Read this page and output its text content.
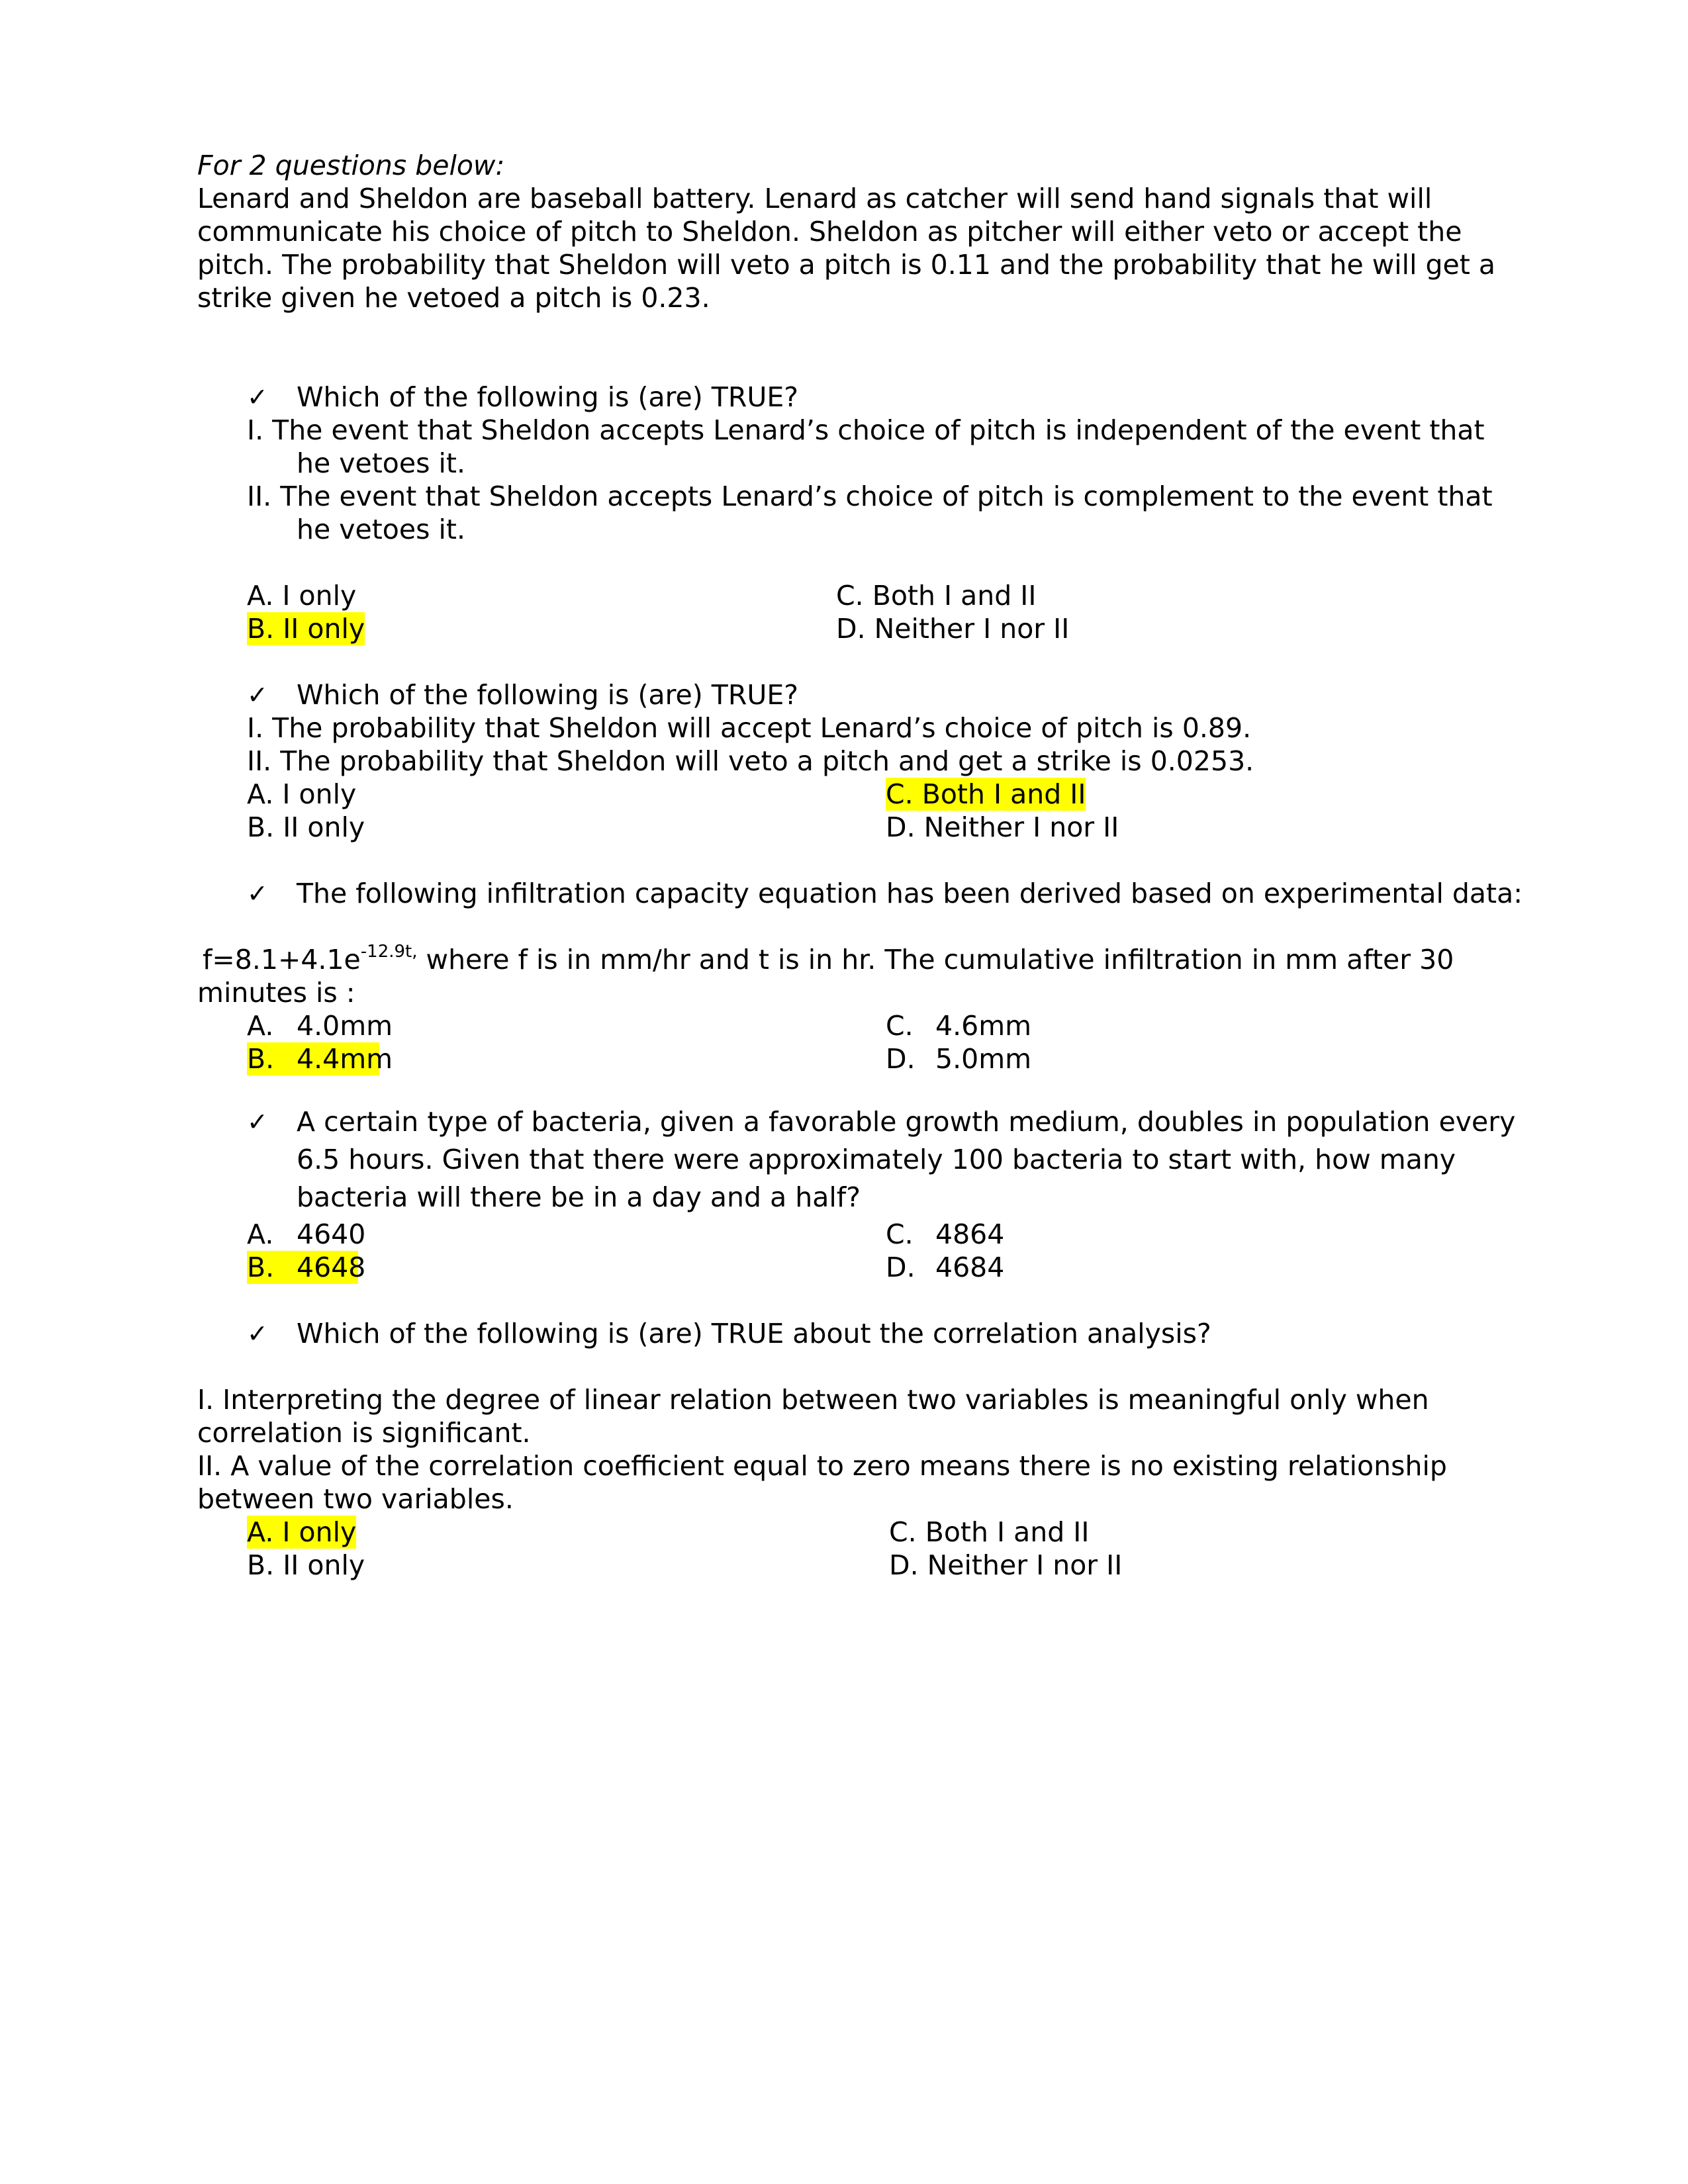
For 2 questions below:
Lenard and Sheldon are baseball battery. Lenard as catcher will send hand signals that will
communicate his choice of pitch to Sheldon. Sheldon as pitcher will either veto or accept the
pitch. The probability that Sheldon will veto a pitch is 0.11 and the probability that he will get a
strike given he vetoed a pitch is 0.23.
✓ Which of the following is (are) TRUE?
I. The event that Sheldon accepts Lenard’s choice of pitch is independent of the event that
he vetoes it.
II. The event that Sheldon accepts Lenard’s choice of pitch is complement to the event that
he vetoes it.
A. I only
B. II only
C. Both I and II
D. Neither I nor II
✓ Which of the following is (are) TRUE?
I. The probability that Sheldon will accept Lenard’s choice of pitch is 0.89.
II. The probability that Sheldon will veto a pitch and get a strike is 0.0253.
A. I only
B. II only
C. Both I and II
D. Neither I nor II
✓ The following infiltration capacity equation has been derived based on experimental data:
$f=8.1+4.1e^{-12.9t,}$ where f is in mm/hr and t is in hr. The cumulative infiltration in mm after 30
minutes is :
A. 4.0mm
B. 4.4mm
C. 4.6mm
D. 5.0mm
✓ A certain type of bacteria, given a favorable growth medium, doubles in population every
6.5 hours. Given that there were approximately 100 bacteria to start with, how many
bacteria will there be in a day and a half?
A. 4640
B. 4648
C. 4864
D. 4684
✓ Which of the following is (are) TRUE about the correlation analysis?
I. Interpreting the degree of linear relation between two variables is meaningful only when
correlation is significant.
II. A value of the correlation coefficient equal to zero means there is no existing relationship
between two variables.
A. I only
B. II only
C. Both I and II
D. Neither I nor II
